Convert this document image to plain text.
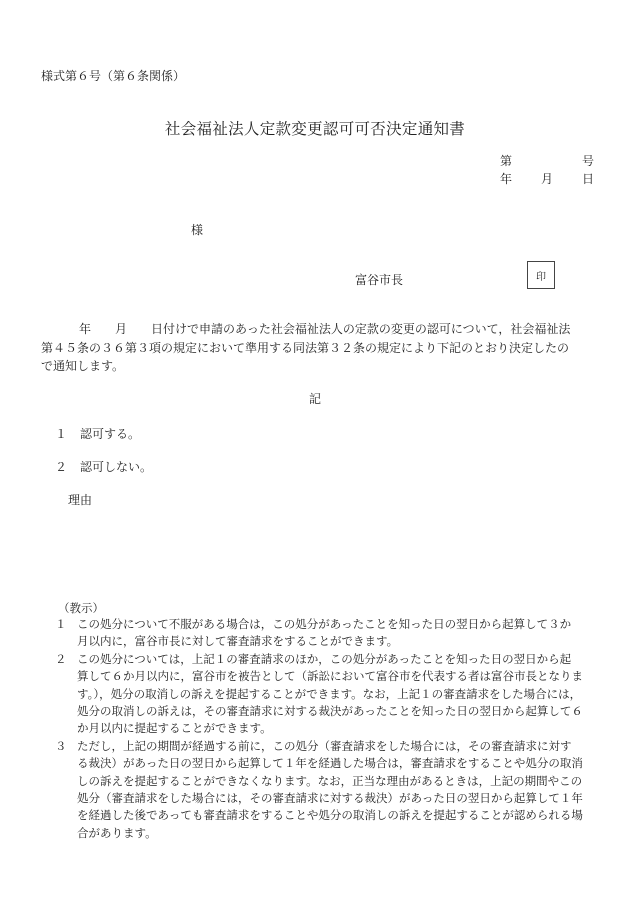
様式第６号（第６条関係）
社会福祉法人定款変更認可可否決定通知書
第	号
年 月 日
様
富谷市長	印
年　　月　　日付けで申請のあった社会福祉法人の定款の変更の認可について，社会福祉法
第４５条の３６第３項の規定において準用する同法第３２条の規定により下記のとおり決定したの
で通知します。
記
１ 認可する。
２ 認可しない。
理由
（教示）
１ この処分について不服がある場合は，この処分があったことを知った日の翌日から起算して３か
月以内に，富谷市長に対して審査請求をすることができます。
２ この処分については，上記１の審査請求のほか，この処分があったことを知った日の翌日から起
算して６か月以内に，富谷市を被告として（訴訟において富谷市を代表する者は富谷市長となりま
す。），処分の取消しの訴えを提起することができます。なお，上記１の審査請求をした場合には，
処分の取消しの訴えは，その審査請求に対する裁決があったことを知った日の翌日から起算して６
か月以内に提起することができます。
３ ただし，上記の期間が経過する前に，この処分（審査請求をした場合には，その審査請求に対す
る裁決）があった日の翌日から起算して１年を経過した場合は，審査請求をすることや処分の取消
しの訴えを提起することができなくなります。なお，正当な理由があるときは，上記の期間やこの
処分（審査請求をした場合には，その審査請求に対する裁決）があった日の翌日から起算して１年
を経過した後であっても審査請求をすることや処分の取消しの訴えを提起することが認められる場
合があります。
